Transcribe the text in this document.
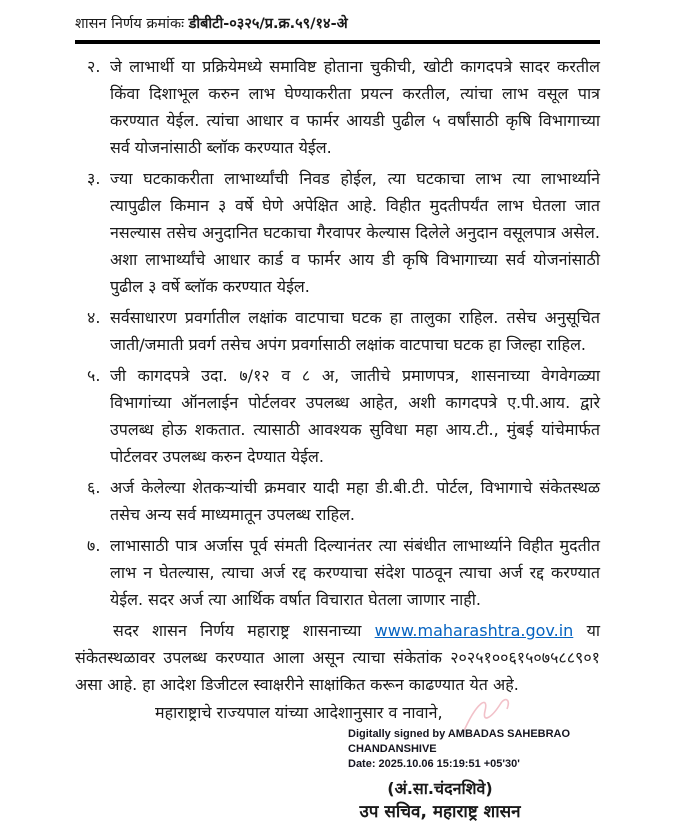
शासन निर्णय क्रमांकः डीबीटी-०३२५/प्र.क्र.५९/१४-अे
२. जे लाभार्थी या प्रक्रियेमध्ये समाविष्ट होताना चुकीची, खोटी कागदपत्रे सादर करतील किंवा दिशाभूल करुन लाभ घेण्याकरीता प्रयत्न करतील, त्यांचा लाभ वसूल पात्र करण्यात येईल. त्यांचा आधार व फार्मर आयडी पुढील ५ वर्षांसाठी कृषि विभागाच्या सर्व योजनांसाठी ब्लॉक करण्यात येईल.
३. ज्या घटकाकरीता लाभार्थ्यांची निवड होईल, त्या घटकाचा लाभ त्या लाभार्थ्याने त्यापुढील किमान ३ वर्षे घेणे अपेक्षित आहे. विहीत मुदतीपर्यंत लाभ घेतला जात नसल्यास तसेच अनुदानित घटकाचा गैरवापर केल्यास दिलेले अनुदान वसूलपात्र असेल. अशा लाभार्थ्यांचे आधार कार्ड व फार्मर आय डी कृषि विभागाच्या सर्व योजनांसाठी पुढील ३ वर्षे ब्लॉक करण्यात येईल.
४. सर्वसाधारण प्रवर्गातील लक्षांक वाटपाचा घटक हा तालुका राहिल. तसेच अनुसूचित जाती/जमाती प्रवर्ग तसेच अपंग प्रवर्गासाठी लक्षांक वाटपाचा घटक हा जिल्हा राहिल.
५. जी कागदपत्रे उदा. ७/१२ व ८ अ, जातीचे प्रमाणपत्र, शासनाच्या वेगवेगळ्या विभागांच्या ऑनलाईन पोर्टलवर उपलब्ध आहेत, अशी कागदपत्रे ए.पी.आय. द्वारे उपलब्ध होऊ शकतात. त्यासाठी आवश्यक सुविधा महा आय.टी., मुंबई यांचेमार्फत पोर्टलवर उपलब्ध करुन देण्यात येईल.
६. अर्ज केलेल्या शेतकऱ्यांची क्रमवार यादी महा डी.बी.टी. पोर्टल, विभागाचे संकेतस्थळ तसेच अन्य सर्व माध्यमातून उपलब्ध राहिल.
७. लाभासाठी पात्र अर्जास पूर्व संमती दिल्यानंतर त्या संबंधीत लाभार्थ्याने विहीत मुदतीत लाभ न घेतल्यास, त्याचा अर्ज रद्द करण्याचा संदेश पाठवून त्याचा अर्ज रद्द करण्यात येईल. सदर अर्ज त्या आर्थिक वर्षात विचारात घेतला जाणार नाही.

सदर शासन निर्णय महाराष्ट्र शासनाच्या www.maharashtra.gov.in या संकेतस्थळावर उपलब्ध करण्यात आला असून त्याचा संकेतांक २०२५१००६१५०७५८८९०१ असा आहे. हा आदेश डिजीटल स्वाक्षरीने साक्षांकित करून काढण्यात येत अहे.

महाराष्ट्राचे राज्यपाल यांच्या आदेशानुसार व नावाने,
Digitally signed by AMBADAS SAHEBRAO CHANDANSHIVE
Date: 2025.10.06 15:19:51 +05'30'
(अं.सा.चंदनशिवे)
उप सचिव, महाराष्ट्र शासन
